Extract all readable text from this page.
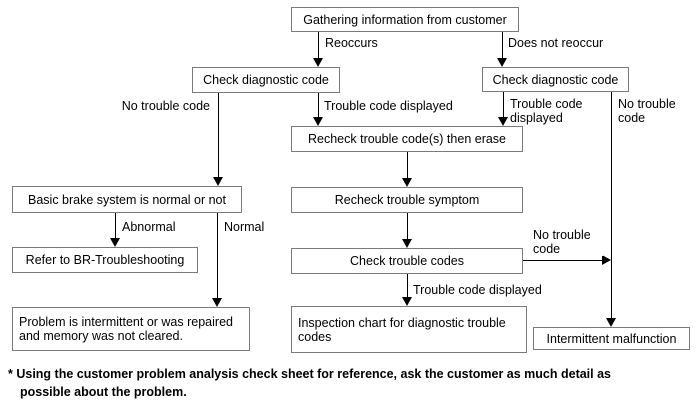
Gathering information from customer
Check diagnostic code	Check diagnostic code
Recheck trouble code(s) then erase
Recheck trouble symptom
Basic brake system is normal or not
Refer to BR-Troubleshooting	Check trouble codes
Problem is intermittent or was repaired and memory was not cleared.
Inspection chart for diagnostic trouble codes	Intermittent malfunction
Reoccurs	Does not reoccur
No trouble code	Trouble code displayed	Trouble code displayed
No trouble code
Abnormal	Normal
No trouble code
Trouble code displayed
* Using the customer problem analysis check sheet for reference, ask the customer as much detail as
possible about the problem.
